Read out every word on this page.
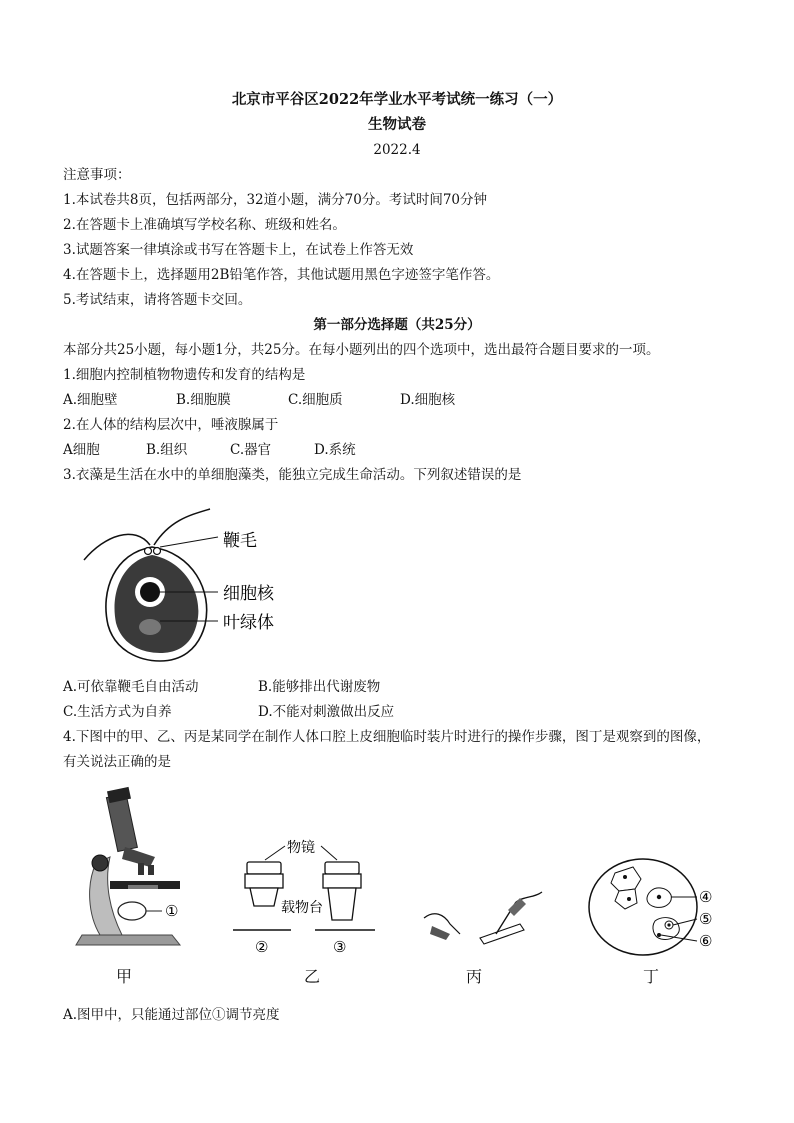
北京市平谷区2022年学业水平考试统一练习（一）
生物试卷
2022.4
注意事项：
1.本试卷共8页，包括两部分，32道小题，满分70分。考试时间70分钟
2.在答题卡上准确填写学校名称、班级和姓名。
3.试题答案一律填涂或书写在答题卡上，在试卷上作答无效
4.在答题卡上，选择题用2B铅笔作答，其他试题用黑色字迹签字笔作答。
5.考试结束，请将答题卡交回。
第一部分选择题（共25分）
本部分共25小题，每小题1分，共25分。在每小题列出的四个选项中，选出最符合题目要求的一项。
1.细胞内控制植物物遗传和发育的结构是
A.细胞壁	B.细胞膜	C.细胞质	D.细胞核
2.在人体的结构层次中，唾液腺属于
A细胞	B.组织	C.器官	D.系统
3.衣藻是生活在水中的单细胞藻类，能独立完成生命活动。下列叙述错误的是
鞭毛
细胞核
叶绿体
A.可依靠鞭毛自由活动	B.能够排出代谢废物
C.生活方式为自养	D.不能对刺激做出反应
4.下图中的甲、乙、丙是某同学在制作人体口腔上皮细胞临时装片时进行的操作步骤，图丁是观察到的图像，
有关说法正确的是
①
物镜
载物台
②	③
④
⑤
⑥
甲	乙	丙	丁
A.图甲中，只能通过部位①调节亮度
